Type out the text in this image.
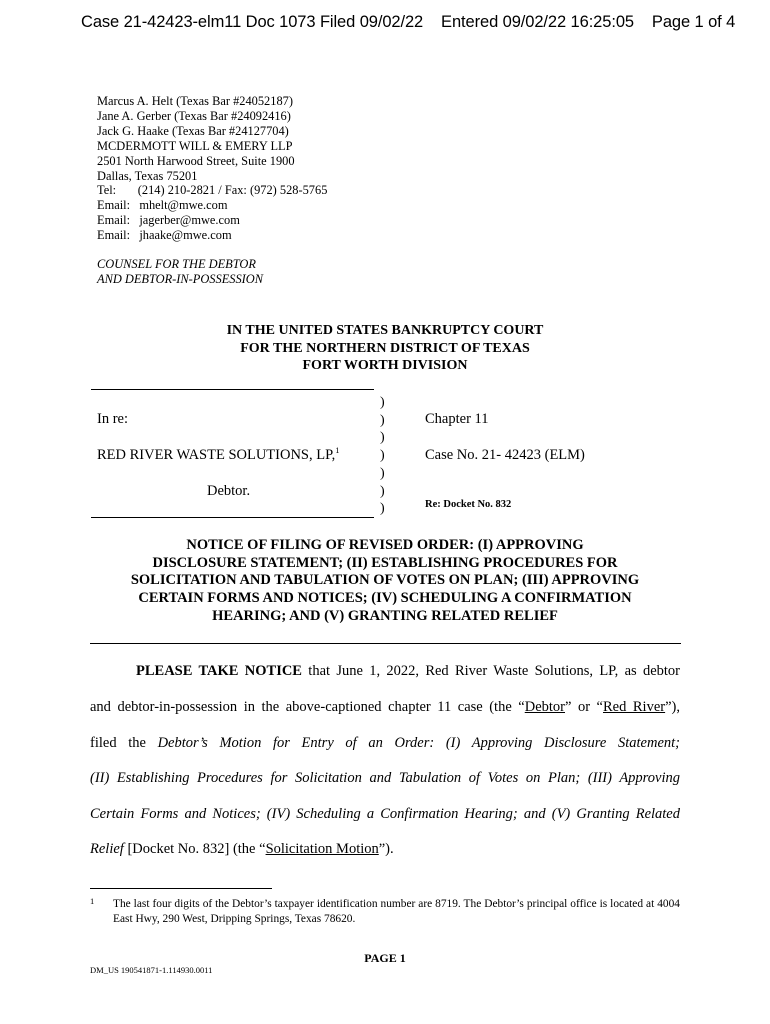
Case 21-42423-elm11 Doc 1073 Filed 09/02/22    Entered 09/02/22 16:25:05    Page 1 of 4
Marcus A. Helt (Texas Bar #24052187)
Jane A. Gerber (Texas Bar #24092416)
Jack G. Haake (Texas Bar #24127704)
MCDERMOTT WILL & EMERY LLP
2501 North Harwood Street, Suite 1900
Dallas, Texas 75201
Tel:       (214) 210-2821 / Fax: (972) 528-5765
Email:   mhelt@mwe.com
Email:   jagerber@mwe.com
Email:   jhaake@mwe.com
COUNSEL FOR THE DEBTOR
AND DEBTOR-IN-POSSESSION
IN THE UNITED STATES BANKRUPTCY COURT
FOR THE NORTHERN DISTRICT OF TEXAS
FORT WORTH DIVISION
)
)
)
)
)
)
)
In re:
RED RIVER WASTE SOLUTIONS, LP,$^1$
Debtor.
Chapter 11
Case No. 21- 42423 (ELM)
Re: Docket No. 832
NOTICE OF FILING OF REVISED ORDER: (I) APPROVING
DISCLOSURE STATEMENT; (II) ESTABLISHING PROCEDURES FOR
SOLICITATION AND TABULATION OF VOTES ON PLAN; (III) APPROVING
CERTAIN FORMS AND NOTICES; (IV) SCHEDULING A CONFIRMATION
HEARING; AND (V) GRANTING RELATED RELIEF
PLEASE TAKE NOTICE that June 1, 2022, Red River Waste Solutions, LP, as debtor
and debtor-in-possession in the above-captioned chapter 11 case (the “Debtor” or “Red River”),
filed the Debtor’s Motion for Entry of an Order: (I) Approving Disclosure Statement;
(II) Establishing Procedures for Solicitation and Tabulation of Votes on Plan; (III) Approving
Certain Forms and Notices; (IV) Scheduling a Confirmation Hearing; and (V) Granting Related
Relief [Docket No. 832] (the “Solicitation Motion”).
1 The last four digits of the Debtor’s taxpayer identification number are 8719. The Debtor’s principal office is located at 4004 East Hwy, 290 West, Dripping Springs, Texas 78620.
PAGE 1
DM_US 190541871-1.114930.0011
